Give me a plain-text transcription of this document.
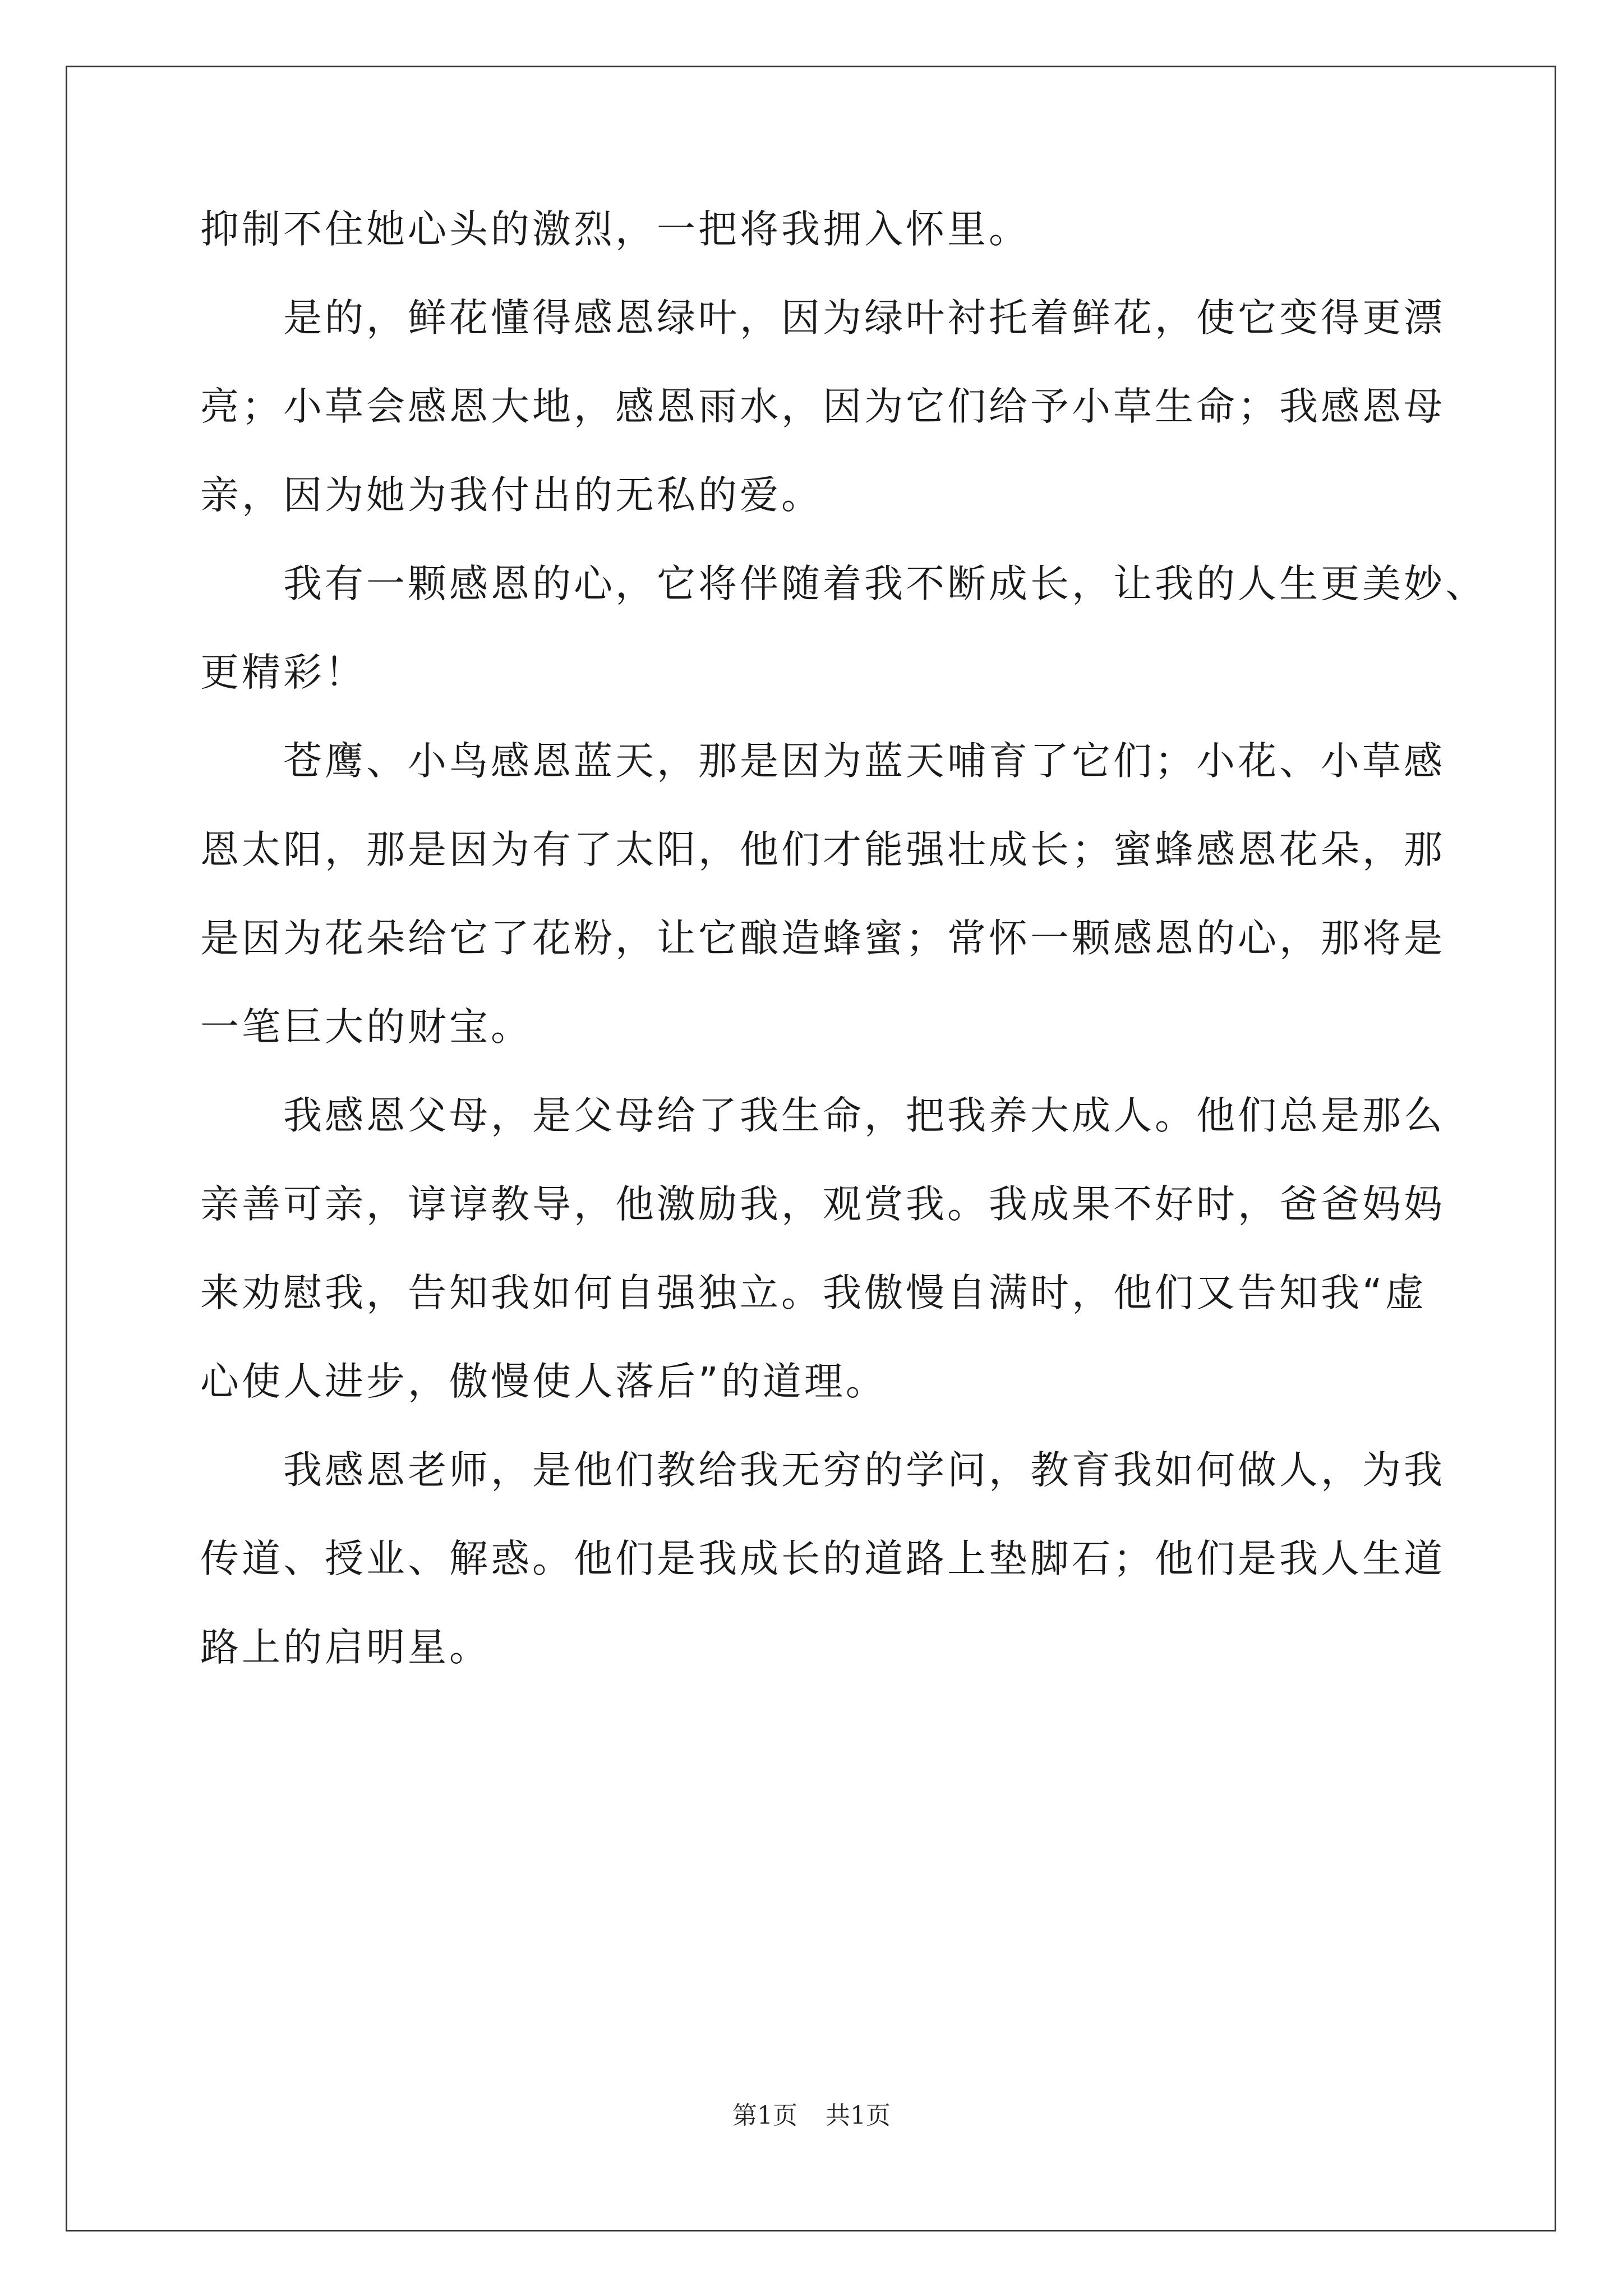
抑制不住她心头的激烈，一把将我拥入怀里。
　　是的，鲜花懂得感恩绿叶，因为绿叶衬托着鲜花，使它变得更漂
亮；小草会感恩大地，感恩雨水，因为它们给予小草生命；我感恩母
亲，因为她为我付出的无私的爱。
　　我有一颗感恩的心，它将伴随着我不断成长，让我的人生更美妙、
更精彩！
　　苍鹰、小鸟感恩蓝天，那是因为蓝天哺育了它们；小花、小草感
恩太阳，那是因为有了太阳，他们才能强壮成长；蜜蜂感恩花朵，那
是因为花朵给它了花粉，让它酿造蜂蜜；常怀一颗感恩的心，那将是
一笔巨大的财宝。
　　我感恩父母，是父母给了我生命，把我养大成人。他们总是那么
亲善可亲，谆谆教导，他激励我，观赏我。我成果不好时，爸爸妈妈
来劝慰我，告知我如何自强独立。我傲慢自满时，他们又告知我“虚
心使人进步，傲慢使人落后”的道理。
　　我感恩老师，是他们教给我无穷的学问，教育我如何做人，为我
传道、授业、解惑。他们是我成长的道路上垫脚石；他们是我人生道
路上的启明星。
第1页 共1页
